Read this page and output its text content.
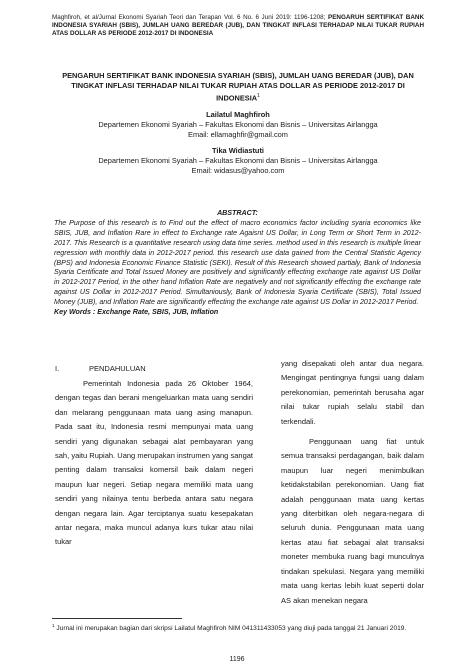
Maghfiroh, et al/Jurnal Ekonomi Syariah Teori dan Terapan Vol. 6 No. 6 Juni 2019: 1196-1208; PENGARUH SERTIFIKAT BANK INDONESIA SYARIAH (SBIS), JUMLAH UANG BEREDAR (JUB), DAN TINGKAT INFLASI TERHADAP NILAI TUKAR RUPIAH ATAS DOLLAR AS PERIODE 2012-2017 DI INDONESIA
PENGARUH SERTIFIKAT BANK INDONESIA SYARIAH (SBIS), JUMLAH UANG BEREDAR (JUB), DAN TINGKAT INFLASI TERHADAP NILAI TUKAR RUPIAH ATAS DOLLAR AS PERIODE 2012-2017 DI INDONESIA$^1$
Lailatul Maghfiroh
Departemen Ekonomi Syariah – Fakultas Ekonomi dan Bisnis – Universitas Airlangga
Email: ellamaghfir@gmail.com
Tika Widiastuti
Departemen Ekonomi Syariah – Fakultas Ekonomi dan Bisnis – Universitas Airlangga
Email: widasus@yahoo.com
ABSTRACT:
The Purpose of this research is to Find out the effect of macro economics factor including syaria economics like SBIS, JUB, and Inflation Rare in effect to Exchange rate Agaisnt US Dollar, in Long Term or Short Term in 2012-2017. This Research is a quantitative research using data time series. method used in this research is multiple linear regression with monthly data in 2012-2017 period. this research use data gained from the Central Statistic Agency (BPS) and Indonesia Economic Finance Statistic (SEKI). Result of this Research showed partialy, Bank of Indonesia Syaria Certificate and Total Issued Money are positively and significantly effecting exchange rate against US Dollar in 2012-2017 Period, in the other hand Inflation Rate are negatively and not significantly effecting the exchange rate against US Dollar in 2012-2017 Period. Simultaniously, Bank of Indonesia Syaria Certificate (SBIS), Total Issued Money (JUB), and Inflation Rate are significantly effecting the exchange rate against US Dollar in 2012-2017 Period.
Key Words : Exchange Rate, SBIS, JUB, Inflation
I.	PENDAHULUAN

Pemerintah Indonesia pada 26 Oktober 1964, dengan tegas dan berani mengeluarkan mata uang sendiri dan melarang penggunaan mata uang asing manapun. Pada saat itu, Indonesia resmi mempunyai mata uang sendiri yang digunakan sebagai alat pembayaran yang sah, yaitu Rupiah. Uang merupakan instrumen yang sangat penting dalam transaksi komersil baik dalam negeri maupun luar negeri. Setiap negara memiliki mata uang sendiri yang nilainya tentu berbeda antara satu negara dengan negara lain. Agar terciptanya suatu kesepakatan antar negara, maka muncul adanya kurs tukar atau nilai tukar

yang disepakati oleh antar dua negara. Mengingat pentingnya fungsi uang dalam perekonomian, pemerintah berusaha agar nilai tukar rupiah selalu stabil dan terkendali.

Penggunaan uang fiat untuk semua transaksi perdagangan, baik dalam maupun luar negeri menimbulkan ketidakstabilan perekonomian. Uang fiat adalah penggunaan mata uang kertas yang diterbitkan oleh negara-negara di seluruh dunia. Penggunaan mata uang kertas atau fiat sebagai alat transaksi moneter membuka ruang bagi munculnya tindakan spekulasi. Negara yang memiliki mata uang kertas lebih kuat seperti dolar AS akan menekan negara

$^1$ Jurnal ini merupakan bagian dari skripsi Lailatul Maghfiroh NIM 041311433053 yang diuji pada tanggal 21 Januari 2019.
1196
